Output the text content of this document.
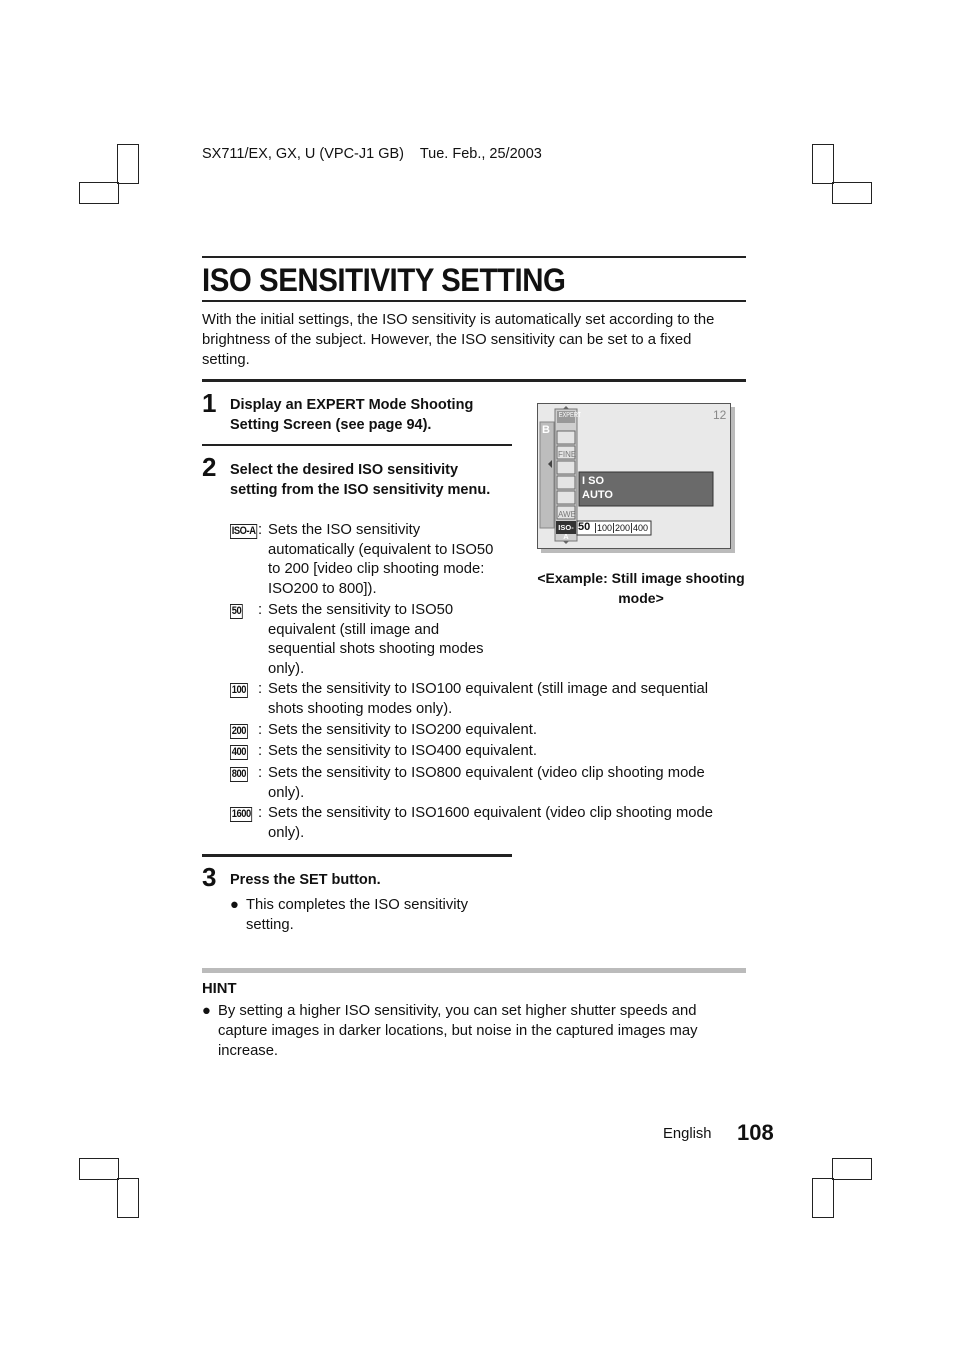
SX711/EX, GX, U (VPC-J1 GB)    Tue. Feb., 25/2003
ISO SENSITIVITY SETTING
With the initial settings, the ISO sensitivity is automatically set according to the brightness of the subject. However, the ISO sensitivity can be set to a fixed setting.
1 Display an EXPERT Mode Shooting Setting Screen (see page 94).
2 Select the desired ISO sensitivity setting from the ISO sensitivity menu.
ISO-A : Sets the ISO sensitivity automatically (equivalent to ISO50 to 200 [video clip shooting mode: ISO200 to 800]).
50	: Sets the sensitivity to ISO50 equivalent (still image and sequential shots shooting modes only).
100 : Sets the sensitivity to ISO100 equivalent (still image and sequential shots shooting modes only).
200 : Sets the sensitivity to ISO200 equivalent.
400 : Sets the sensitivity to ISO400 equivalent.
800 : Sets the sensitivity to ISO800 equivalent (video clip shooting mode only).
1600 : Sets the sensitivity to ISO1600 equivalent (video clip shooting mode only).
3 Press the SET button.
● This completes the ISO sensitivity setting.
12
B
EXPERT
FINE
AWB
I SO
AUTO
ISO-A
50 100 200 400
<Example: Still image shooting mode>
HINT
● By setting a higher ISO sensitivity, you can set higher shutter speeds and capture images in darker locations, but noise in the captured images may increase.
English 108
